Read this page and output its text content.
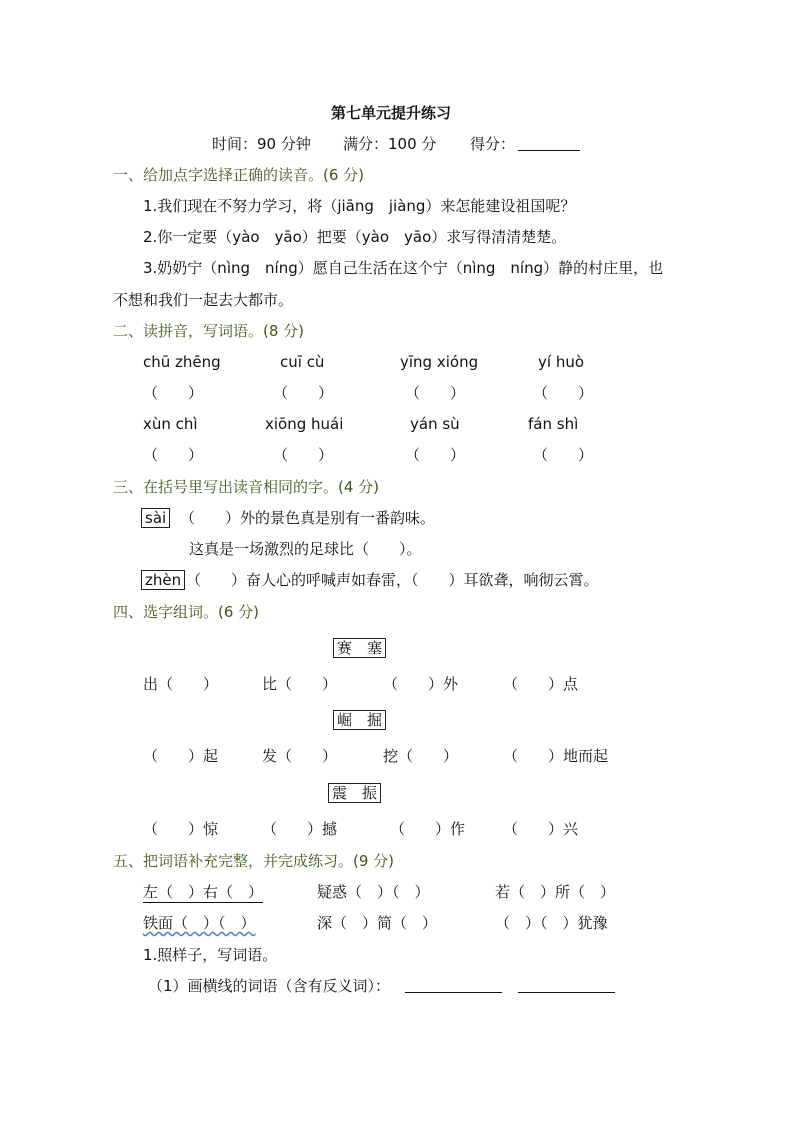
第七单元提升练习
时间：90 分钟 满分：100 分 得分：
一、给加点字选择正确的读音。(6 分)
1.我们现在不努力学习，将（jiāng　jiàng）来怎能建设祖国呢？
2.你一定要（yào　yāo）把要（yào　yāo）求写得清清楚楚。
3.奶奶宁（nìng　níng）愿自己生活在这个宁（nìng　níng）静的村庄里，也
不想和我们一起去大都市。
二、读拼音，写词语。(8 分)
chū zhēng	cuī cù	yīng xióng	yí huò
（　　）	（　　）	（　　）	（　　）
xùn chì	xiōng huái	yán sù	fán shì
（　　）	（　　）	（　　）	（　　）
三、在括号里写出读音相同的字。(4 分)
sài （　　）外的景色真是别有一番韵味。
这真是一场激烈的足球比（　　）。
zhèn （　　）奋人心的呼喊声如春雷，（　　）耳欲聋，响彻云霄。
四、选字组词。(6 分)
赛　塞
出（　　）	比（　　）	（　　）外	（　　）点
崛　掘
（　　）起	发（　　）	挖（　　）	（　　）地而起
震　振
（　　）惊	（　　）撼	（　　）作	（　　）兴
五、把词语补充完整，并完成练习。(9 分)
左（　）右（　）	疑惑（　）（　）	若（　）所（　）
铁面（　）（　）	深（　）简（　）	（　）（　）犹豫
1.照样子，写词语。
（1）画横线的词语（含有反义词）：
